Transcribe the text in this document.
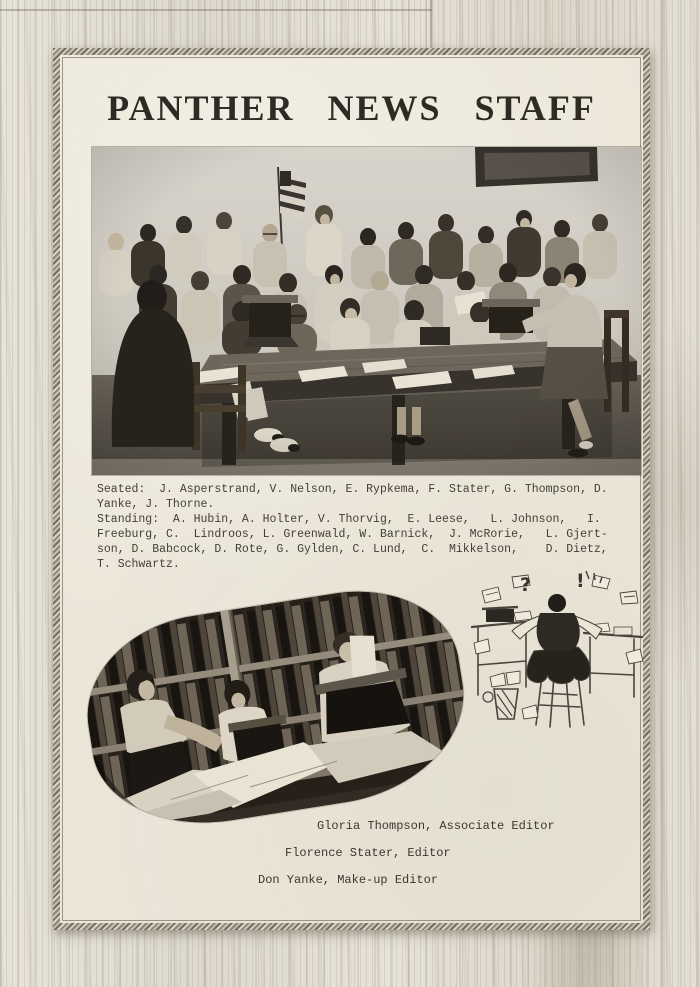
PANTHER NEWS STAFF
Seated:  J. Asperstrand, V. Nelson, E. Rypkema, F. Stater, G. Thompson, D.
Yanke, J. Thorne.
Standing:  A. Hubin, A. Holter, V. Thorvig,  E. Leese,   L. Johnson,   I.
Freeburg, C.  Lindroos, L. Greenwald, W. Barnick,  J. McRorie,   L. Gjert-
son, D. Babcock, D. Rote, G. Gylden, C. Lund,  C.  Mikkelson,    D. Dietz,
T. Schwartz.
? !
Gloria Thompson, Associate Editor
Florence Stater, Editor
Don Yanke, Make-up Editor
